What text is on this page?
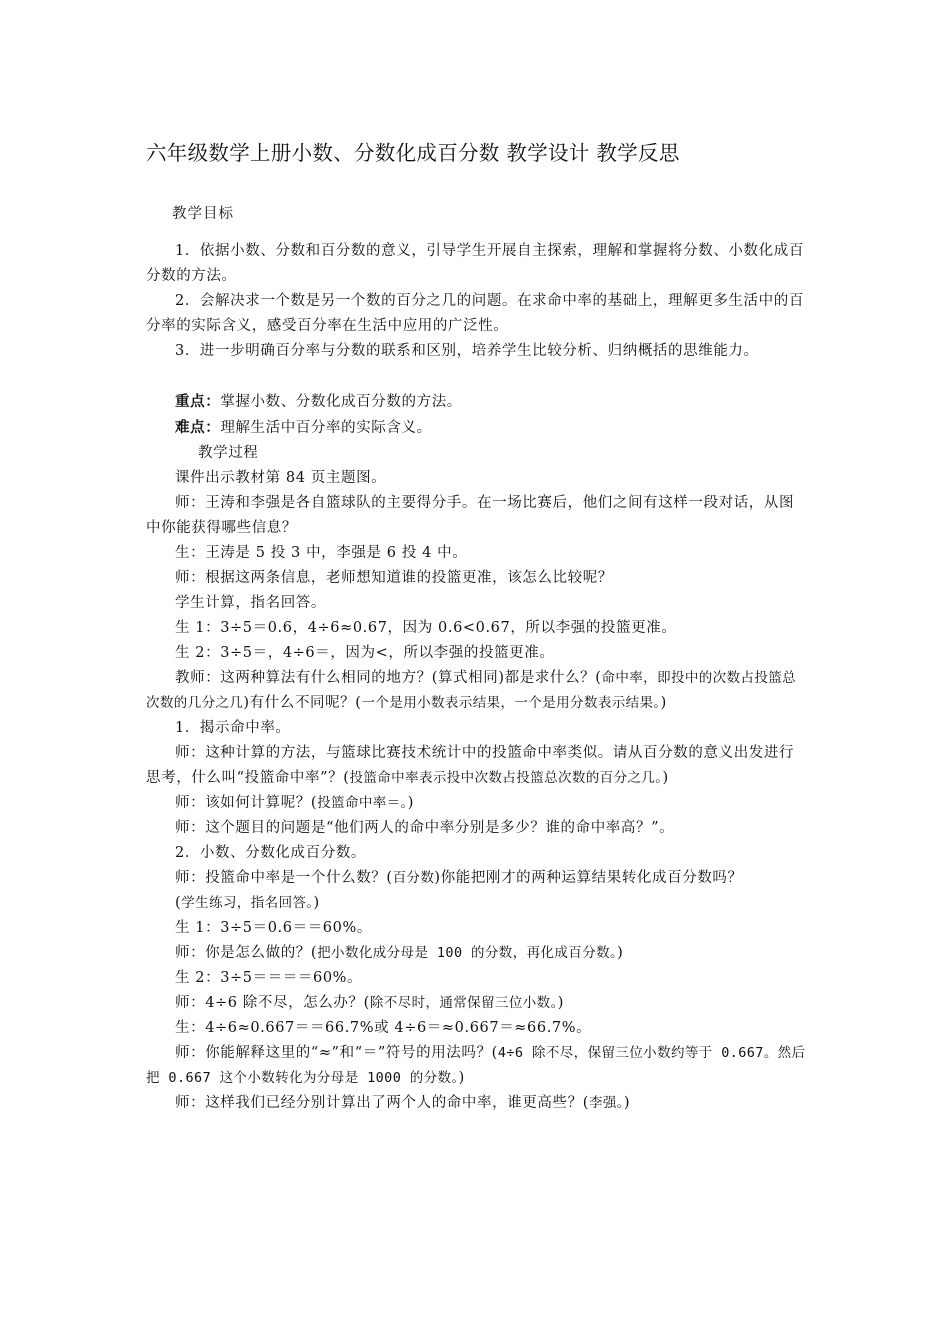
六年级数学上册小数、分数化成百分数 教学设计 教学反思
教学目标

1．依据小数、分数和百分数的意义，引导学生开展自主探索，理解和掌握将分数、小数化成百分数的方法。

2．会解决求一个数是另一个数的百分之几的问题。在求命中率的基础上，理解更多生活中的百分率的实际含义，感受百分率在生活中应用的广泛性。

3．进一步明确百分率与分数的联系和区别，培养学生比较分析、归纳概括的思维能力。

重点：掌握小数、分数化成百分数的方法。

难点：理解生活中百分率的实际含义。

教学过程

课件出示教材第 84 页主题图。

师：王涛和李强是各自篮球队的主要得分手。在一场比赛后，他们之间有这样一段对话，从图中你能获得哪些信息？

生：王涛是 5 投 3 中，李强是 6 投 4 中。

师：根据这两条信息，老师想知道谁的投篮更准，该怎么比较呢？

学生计算，指名回答。

生 1：3÷5＝0.6，4÷6≈0.67，因为 0.6<0.67，所以李强的投篮更准。

生 2：3÷5＝，4÷6＝，因为<，所以李强的投篮更准。

教师：这两种算法有什么相同的地方？(算式相同)都是求什么？(命中率，即投中的次数占投篮总次数的几分之几)有什么不同呢？(一个是用小数表示结果，一个是用分数表示结果。)

1．揭示命中率。

师：这种计算的方法，与篮球比赛技术统计中的投篮命中率类似。请从百分数的意义出发进行思考，什么叫“投篮命中率”？(投篮命中率表示投中次数占投篮总次数的百分之几。)

师：该如何计算呢？(投篮命中率＝。)

师：这个题目的问题是“他们两人的命中率分别是多少？谁的命中率高？”。

2．小数、分数化成百分数。

师：投篮命中率是一个什么数？(百分数)你能把刚才的两种运算结果转化成百分数吗？

(学生练习，指名回答。)

生 1：3÷5＝0.6＝＝60%。

师：你是怎么做的？(把小数化成分母是 100 的分数，再化成百分数。)

生 2：3÷5＝＝＝＝60%。

师：4÷6 除不尽，怎么办？(除不尽时，通常保留三位小数。)

生：4÷6≈0.667＝＝66.7%或 4÷6＝≈0.667＝≈66.7%。

师：你能解释这里的“≈”和“＝”符号的用法吗？(4÷6 除不尽，保留三位小数约等于 0.667。然后把 0.667 这个小数转化为分母是 1000 的分数。)

师：这样我们已经分别计算出了两个人的命中率，谁更高些？(李强。)
